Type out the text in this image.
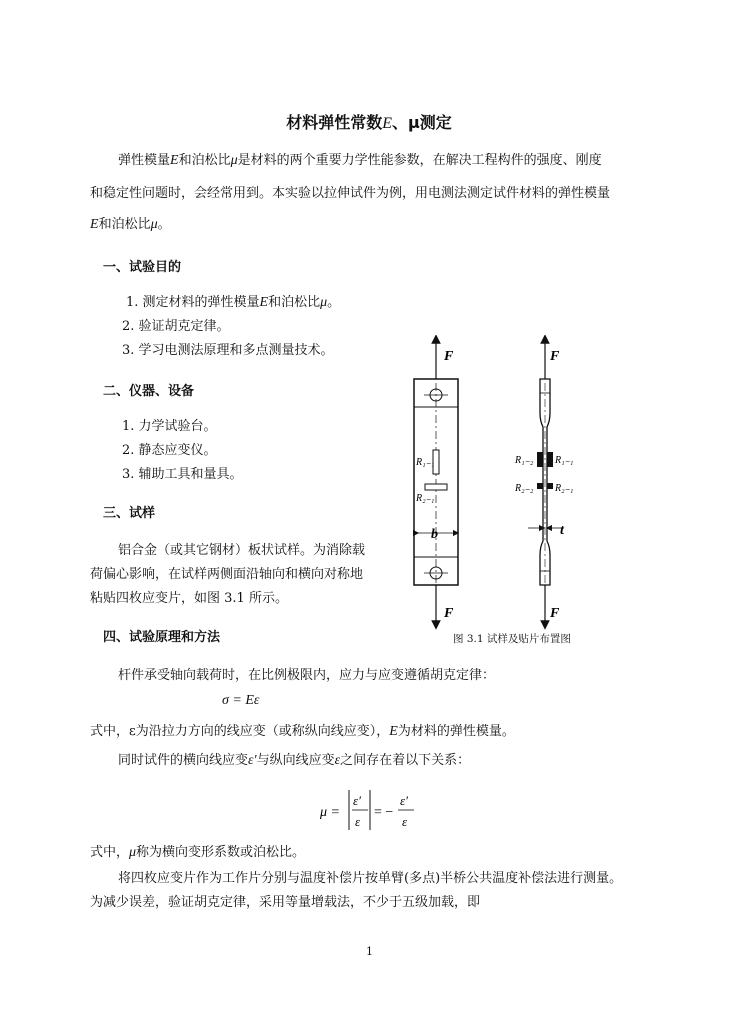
材料弹性常数E、μ测定
弹性模量E和泊松比μ是材料的两个重要力学性能参数，在解决工程构件的强度、刚度
和稳定性问题时，会经常用到。本实验以拉伸试件为例，用电测法测定试件材料的弹性模量
E和泊松比μ。
一、试验目的
1. 测定材料的弹性模量E和泊松比μ。
2. 验证胡克定律。
3. 学习电测法原理和多点测量技术。
二、仪器、设备
1. 力学试验台。
2. 静态应变仪。
3. 辅助工具和量具。
三、试样
铝合金（或其它钢材）板状试样。为消除载
荷偏心影响，在试样两侧面沿轴向和横向对称地
粘贴四枚应变片，如图 3.1 所示。
四、试验原理和方法
杆件承受轴向载荷时，在比例极限内，应力与应变遵循胡克定律：
σ = Eε
式中，ε为沿拉力方向的线应变（或称纵向线应变），E为材料的弹性模量。
同时试件的横向线应变ε′与纵向线应变ε之间存在着以下关系：
μ =
ε′
ε
= −
ε′
ε
式中，μ称为横向变形系数或泊松比。
将四枚应变片作为工作片分别与温度补偿片按单臂(多点)半桥公共温度补偿法进行测量。
为减少误差，验证胡克定律，采用等量增载法，不少于五级加载，即
F
R₁₋₁
R₂₋₁
b
F
F
R₁₋₂ R₁₋₁
R₂₋₂ R₂₋₁
t
F
图 3.1 试样及贴片布置图
1
